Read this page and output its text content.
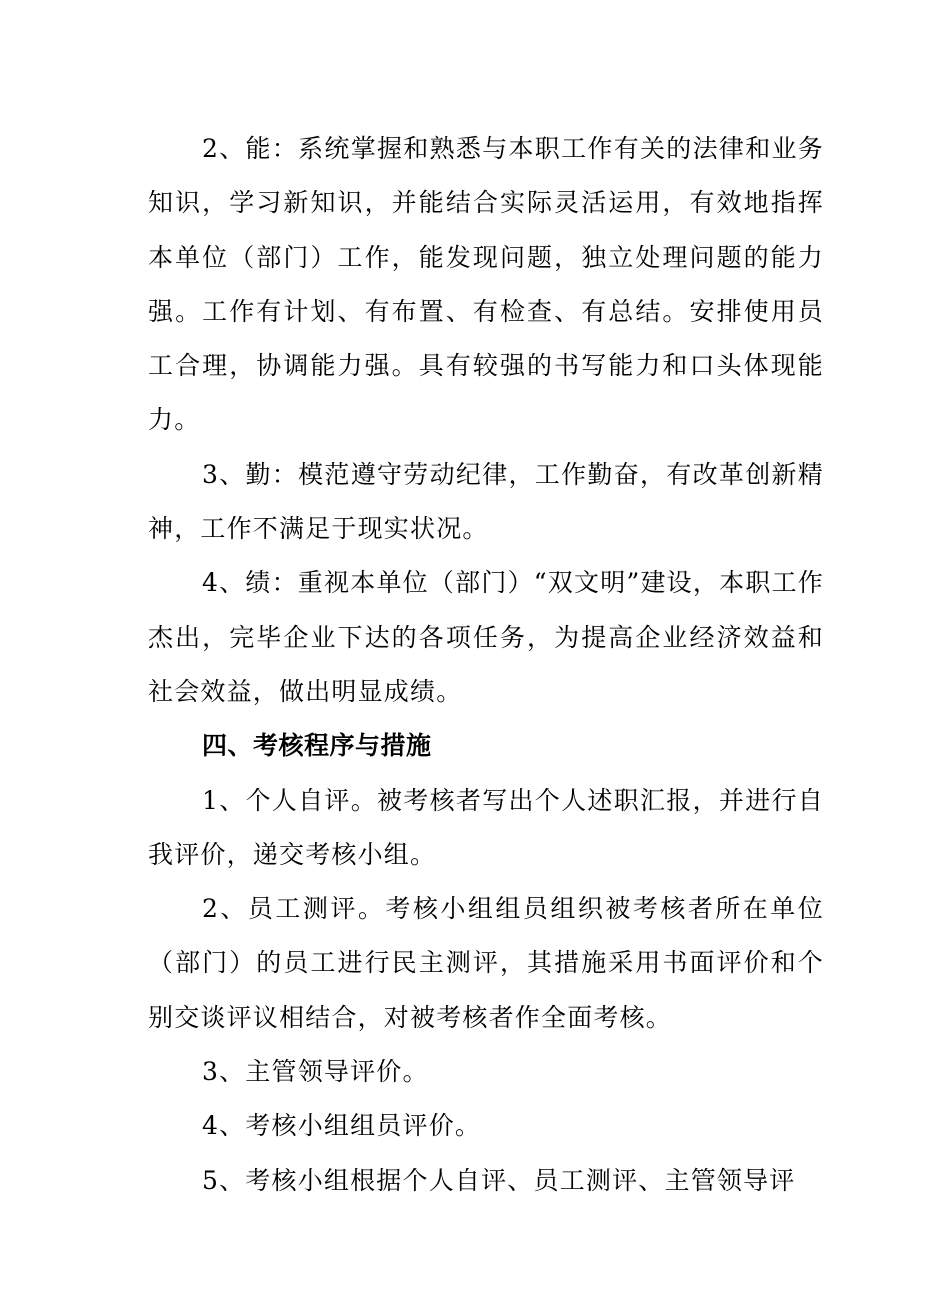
2、能：系统掌握和熟悉与本职工作有关的法律和业务知识，学习新知识，并能结合实际灵活运用，有效地指挥本单位（部门）工作，能发现问题，独立处理问题的能力强。工作有计划、有布置、有检查、有总结。安排使用员工合理，协调能力强。具有较强的书写能力和口头体现能力。

3、勤：模范遵守劳动纪律，工作勤奋，有改革创新精神，工作不满足于现实状况。

4、绩：重视本单位（部门）“双文明”建设，本职工作杰出，完毕企业下达的各项任务，为提高企业经济效益和社会效益，做出明显成绩。

四、考核程序与措施

1、个人自评。被考核者写出个人述职汇报，并进行自我评价，递交考核小组。

2、员工测评。考核小组组员组织被考核者所在单位（部门）的员工进行民主测评，其措施采用书面评价和个别交谈评议相结合，对被考核者作全面考核。

3、主管领导评价。

4、考核小组组员评价。

5、考核小组根据个人自评、员工测评、主管领导评
